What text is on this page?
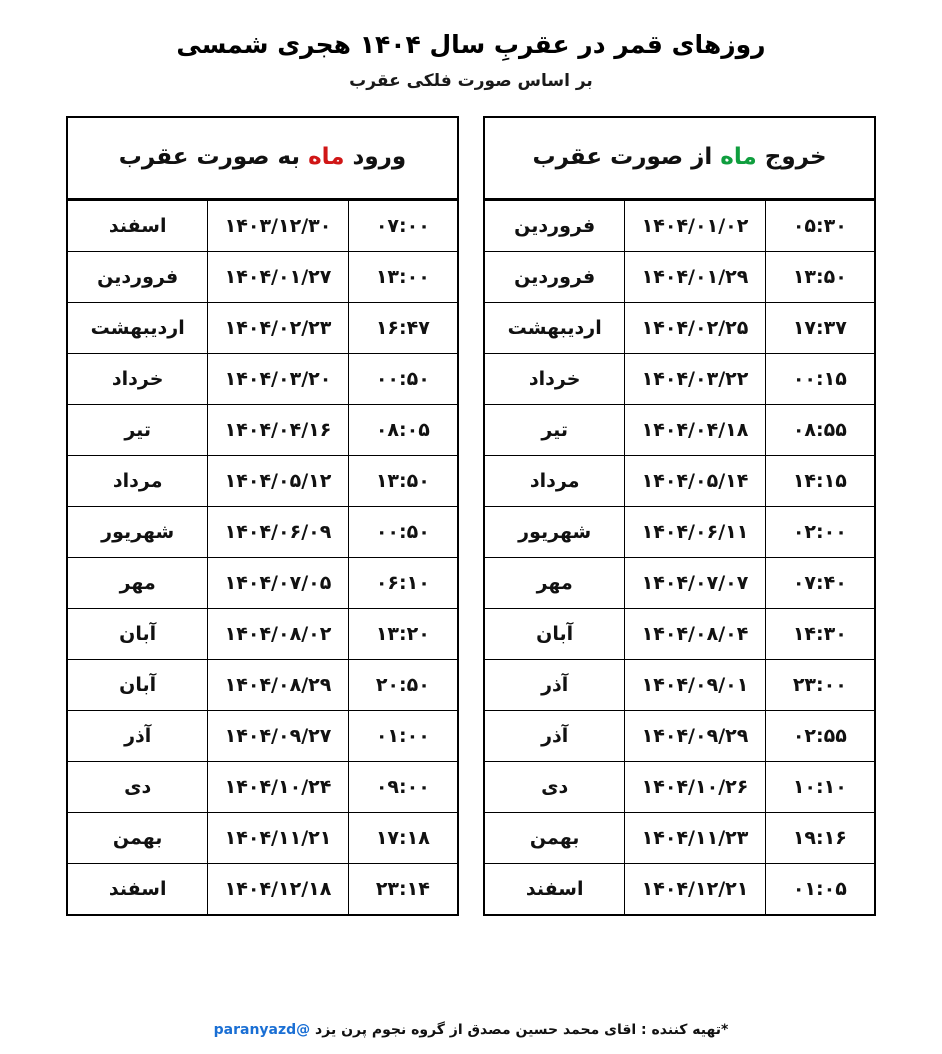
روزهای قمر در عقربِ سال ۱۴۰۴ هجری شمسی
بر اساس صورت فلکی عقرب
خروج ماه از صورت عقرب
۰۵:۳۰	۱۴۰۴/۰۱/۰۲	فروردین
۱۳:۵۰	۱۴۰۴/۰۱/۲۹	فروردین
۱۷:۳۷	۱۴۰۴/۰۲/۲۵	اردیبهشت
۰۰:۱۵	۱۴۰۴/۰۳/۲۲	خرداد
۰۸:۵۵	۱۴۰۴/۰۴/۱۸	تیر
۱۴:۱۵	۱۴۰۴/۰۵/۱۴	مرداد
۰۲:۰۰	۱۴۰۴/۰۶/۱۱	شهریور
۰۷:۴۰	۱۴۰۴/۰۷/۰۷	مهر
۱۴:۳۰	۱۴۰۴/۰۸/۰۴	آبان
۲۳:۰۰	۱۴۰۴/۰۹/۰۱	آذر
۰۲:۵۵	۱۴۰۴/۰۹/۲۹	آذر
۱۰:۱۰	۱۴۰۴/۱۰/۲۶	دی
۱۹:۱۶	۱۴۰۴/۱۱/۲۳	بهمن
۰۱:۰۵	۱۴۰۴/۱۲/۲۱	اسفند
ورود ماه به صورت عقرب
۰۷:۰۰	۱۴۰۳/۱۲/۳۰	اسفند
۱۳:۰۰	۱۴۰۴/۰۱/۲۷	فروردین
۱۶:۴۷	۱۴۰۴/۰۲/۲۳	اردیبهشت
۰۰:۵۰	۱۴۰۴/۰۳/۲۰	خرداد
۰۸:۰۵	۱۴۰۴/۰۴/۱۶	تیر
۱۳:۵۰	۱۴۰۴/۰۵/۱۲	مرداد
۰۰:۵۰	۱۴۰۴/۰۶/۰۹	شهریور
۰۶:۱۰	۱۴۰۴/۰۷/۰۵	مهر
۱۳:۲۰	۱۴۰۴/۰۸/۰۲	آبان
۲۰:۵۰	۱۴۰۴/۰۸/۲۹	آبان
۰۱:۰۰	۱۴۰۴/۰۹/۲۷	آذر
۰۹:۰۰	۱۴۰۴/۱۰/۲۴	دی
۱۷:۱۸	۱۴۰۴/۱۱/۲۱	بهمن
۲۳:۱۴	۱۴۰۴/۱۲/۱۸	اسفند
*تهیه کننده : اقای محمد حسین مصدق از گروه نجوم پرن یزد @paranyazd
